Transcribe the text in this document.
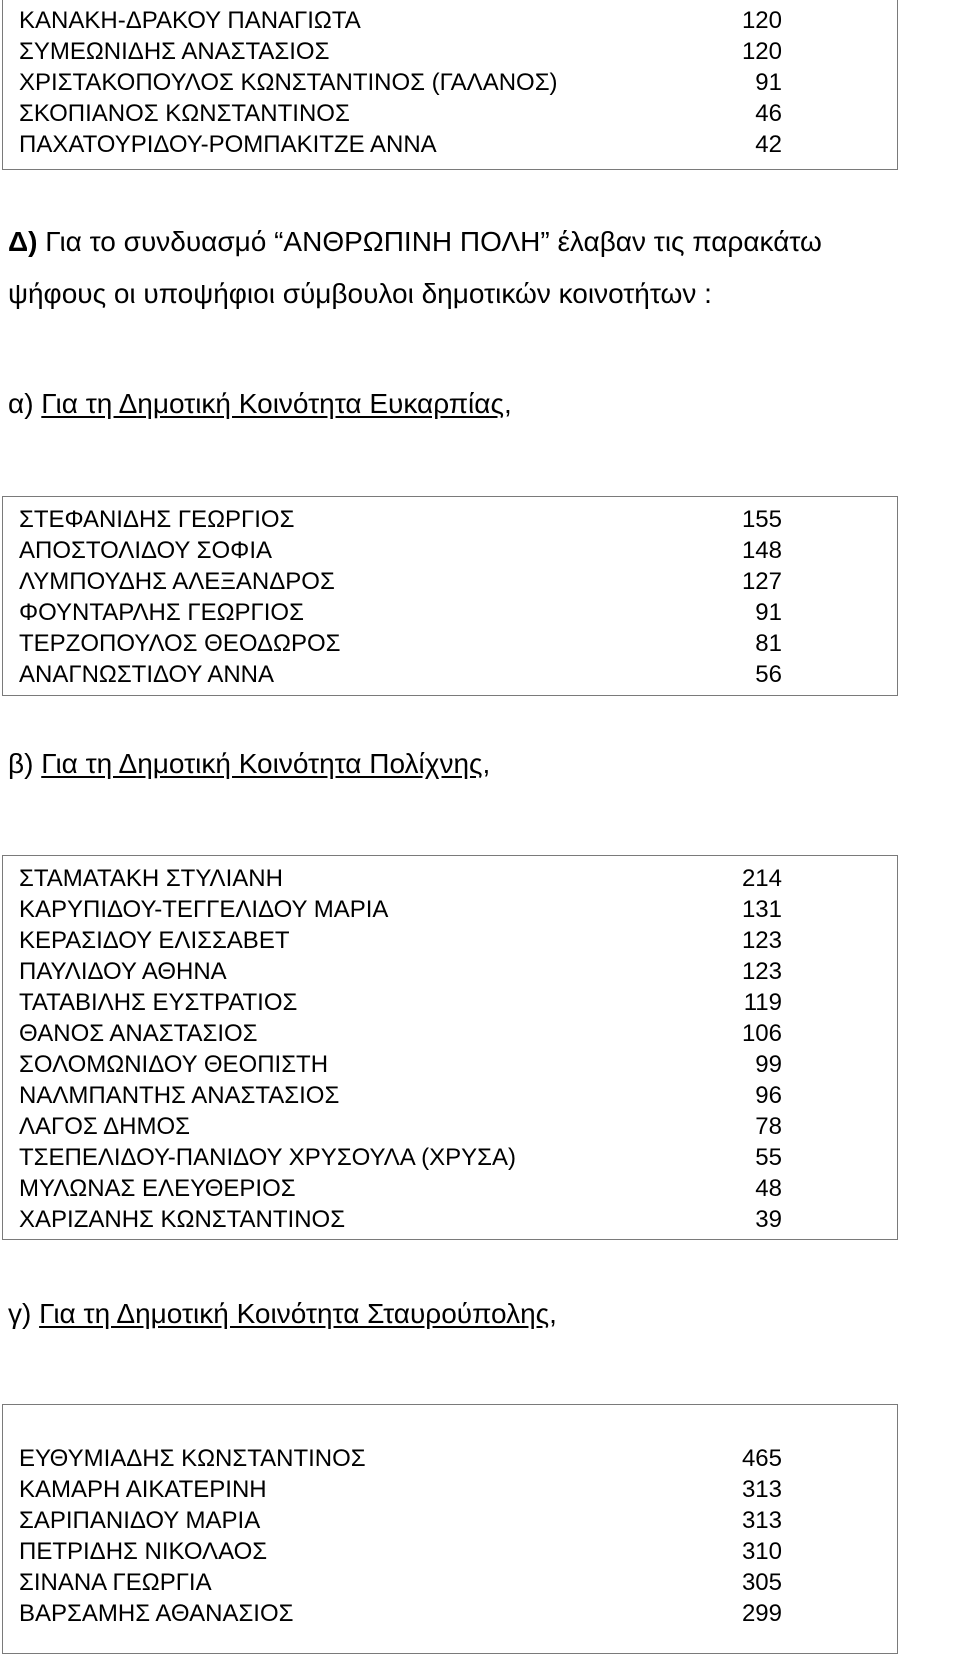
ΚΑΝΑΚΗ-ΔΡΑΚΟΥ ΠΑΝΑΓΙΩΤΑ	120
ΣΥΜΕΩΝΙΔΗΣ ΑΝΑΣΤΑΣΙΟΣ	120
ΧΡΙΣΤΑΚΟΠΟΥΛΟΣ ΚΩΝΣΤΑΝΤΙΝΟΣ (ΓΑΛΑΝΟΣ)	91
ΣΚΟΠΙΑΝΟΣ ΚΩΝΣΤΑΝΤΙΝΟΣ	46
ΠΑΧΑΤΟΥΡΙΔΟΥ-ΡΟΜΠΑΚΙΤΖΕ ΑΝΝΑ	42
Δ) Για το συνδυασμό “ΑΝΘΡΩΠΙΝΗ ΠΟΛΗ” έλαβαν τις παρακάτω
ψήφους οι υποψήφιοι σύμβουλοι δημοτικών κοινοτήτων :
α) Για τη Δημοτική Κοινότητα Ευκαρπίας,
ΣΤΕΦΑΝΙΔΗΣ ΓΕΩΡΓΙΟΣ	155
ΑΠΟΣΤΟΛΙΔΟΥ ΣΟΦΙΑ	148
ΛΥΜΠΟΥΔΗΣ ΑΛΕΞΑΝΔΡΟΣ	127
ΦΟΥΝΤΑΡΛΗΣ ΓΕΩΡΓΙΟΣ	91
ΤΕΡΖΟΠΟΥΛΟΣ ΘΕΟΔΩΡΟΣ	81
ΑΝΑΓΝΩΣΤΙΔΟΥ ΑΝΝΑ	56
β) Για τη Δημοτική Κοινότητα Πολίχνης,
ΣΤΑΜΑΤΑΚΗ ΣΤΥΛΙΑΝΗ	214
ΚΑΡΥΠΙΔΟΥ-ΤΕΓΓΕΛΙΔΟΥ ΜΑΡΙΑ	131
ΚΕΡΑΣΙΔΟΥ ΕΛΙΣΣΑΒΕΤ	123
ΠΑΥΛΙΔΟΥ ΑΘΗΝΑ	123
ΤΑΤΑΒΙΛΗΣ ΕΥΣΤΡΑΤΙΟΣ	119
ΘΑΝΟΣ ΑΝΑΣΤΑΣΙΟΣ	106
ΣΟΛΟΜΩΝΙΔΟΥ ΘΕΟΠΙΣΤΗ	99
ΝΑΛΜΠΑΝΤΗΣ ΑΝΑΣΤΑΣΙΟΣ	96
ΛΑΓΟΣ ΔΗΜΟΣ	78
ΤΣΕΠΕΛΙΔΟΥ-ΠΑΝΙΔΟΥ ΧΡΥΣΟΥΛΑ (ΧΡΥΣΑ)	55
ΜΥΛΩΝΑΣ ΕΛΕΥΘΕΡΙΟΣ	48
ΧΑΡΙΖΑΝΗΣ ΚΩΝΣΤΑΝΤΙΝΟΣ	39
γ) Για τη Δημοτική Κοινότητα Σταυρούπολης,
ΕΥΘΥΜΙΑΔΗΣ ΚΩΝΣΤΑΝΤΙΝΟΣ	465
ΚΑΜΑΡΗ ΑΙΚΑΤΕΡΙΝΗ	313
ΣΑΡΙΠΑΝΙΔΟΥ ΜΑΡΙΑ	313
ΠΕΤΡΙΔΗΣ ΝΙΚΟΛΑΟΣ	310
ΣΙΝΑΝΑ ΓΕΩΡΓΙΑ	305
ΒΑΡΣΑΜΗΣ ΑΘΑΝΑΣΙΟΣ	299
